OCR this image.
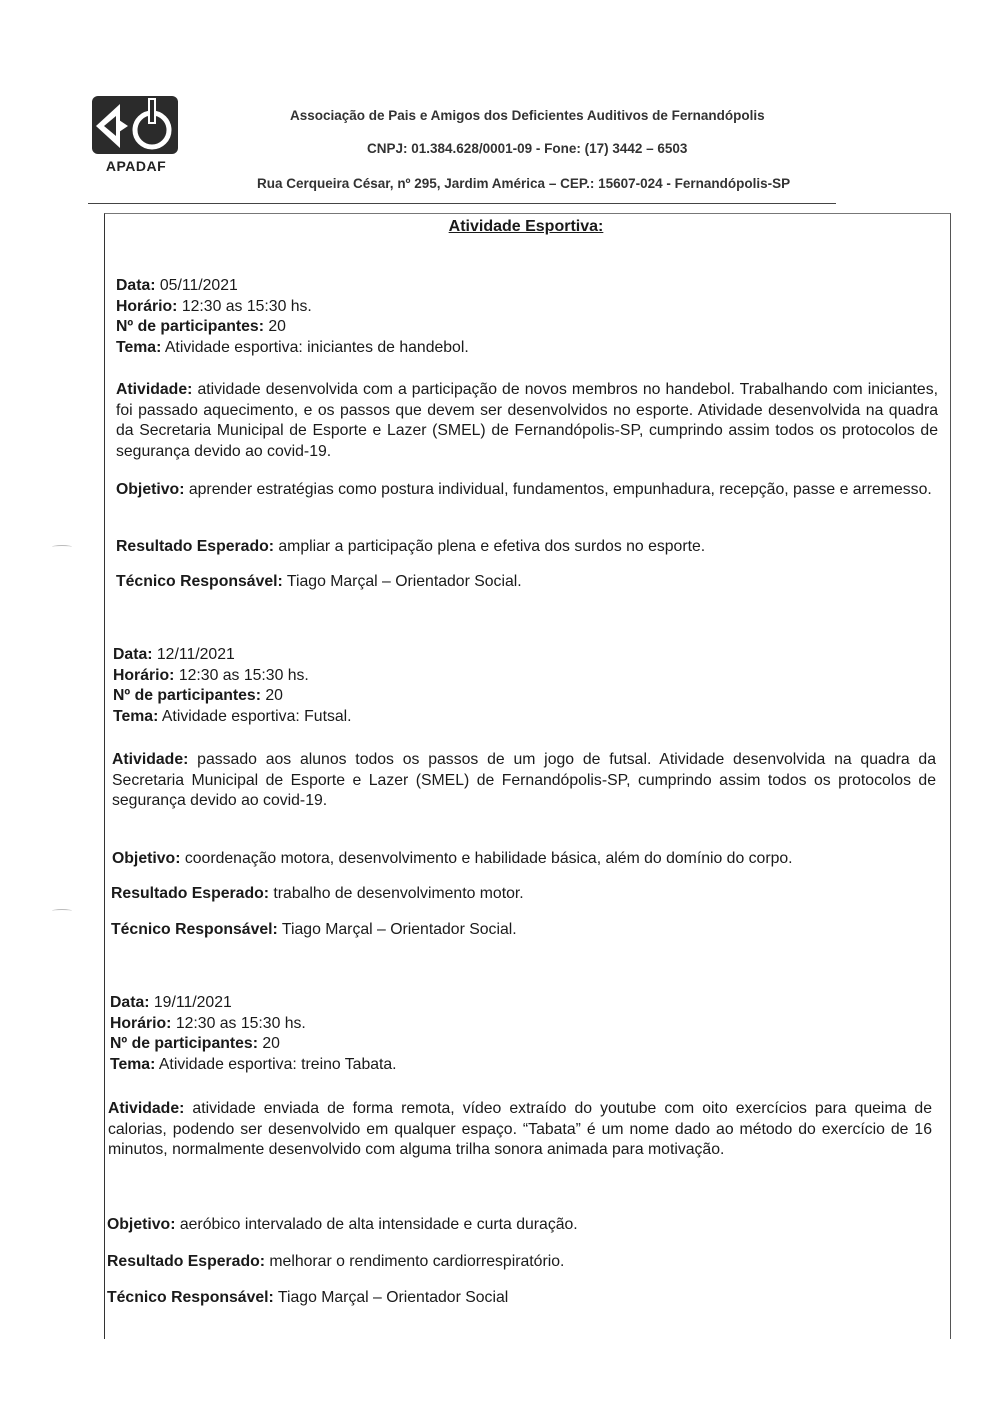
APADAF
Associação de Pais e Amigos dos Deficientes Auditivos de Fernandópolis
CNPJ: 01.384.628/0001-09 - Fone: (17) 3442 – 6503
Rua Cerqueira César, nº 295, Jardim América – CEP.: 15607-024 - Fernandópolis-SP
Atividade Esportiva:
Data: 05/11/2021
Horário: 12:30 as 15:30 hs.
Nº de participantes: 20
Tema: Atividade esportiva: iniciantes de handebol.
Atividade: atividade desenvolvida com a participação de novos membros no handebol. Trabalhando com iniciantes, foi passado aquecimento, e os passos que devem ser desenvolvidos no esporte. Atividade desenvolvida na quadra da Secretaria Municipal de Esporte e Lazer (SMEL) de Fernandópolis-SP, cumprindo assim todos os protocolos de segurança devido ao covid-19.
Objetivo: aprender estratégias como postura individual, fundamentos, empunhadura, recepção, passe e arremesso.
Resultado Esperado: ampliar a participação plena e efetiva dos surdos no esporte.
Técnico Responsável: Tiago Marçal – Orientador Social.
Data: 12/11/2021
Horário: 12:30 as 15:30 hs.
Nº de participantes: 20
Tema: Atividade esportiva: Futsal.
Atividade: passado aos alunos todos os passos de um jogo de futsal. Atividade desenvolvida na quadra da Secretaria Municipal de Esporte e Lazer (SMEL) de Fernandópolis-SP, cumprindo assim todos os protocolos de segurança devido ao covid-19.
Objetivo: coordenação motora, desenvolvimento e habilidade básica, além do domínio do corpo.
Resultado Esperado: trabalho de desenvolvimento motor.
Técnico Responsável: Tiago Marçal – Orientador Social.
Data: 19/11/2021
Horário: 12:30 as 15:30 hs.
Nº de participantes: 20
Tema: Atividade esportiva: treino Tabata.
Atividade: atividade enviada de forma remota, vídeo extraído do youtube com oito exercícios para queima de calorias, podendo ser desenvolvido em qualquer espaço. “Tabata” é um nome dado ao método do exercício de 16 minutos, normalmente desenvolvido com alguma trilha sonora animada para motivação.
Objetivo: aeróbico intervalado de alta intensidade e curta duração.
Resultado Esperado: melhorar o rendimento cardiorrespiratório.
Técnico Responsável: Tiago Marçal – Orientador Social
